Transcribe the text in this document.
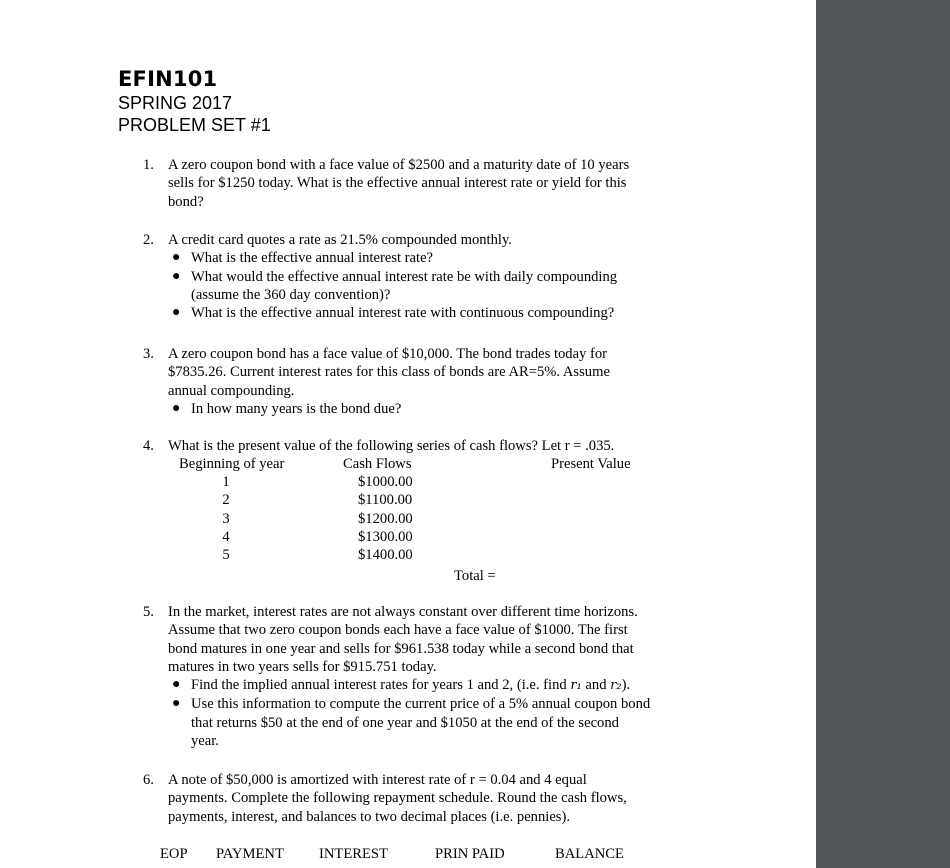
EFIN101
SPRING 2017
PROBLEM SET #1
1. A zero coupon bond with a face value of $2500 and a maturity date of 10 years
sells for $1250 today. What is the effective annual interest rate or yield for this
bond?
2. A credit card quotes a rate as 21.5% compounded monthly.
● What is the effective annual interest rate?
● What would the effective annual interest rate be with daily compounding
(assume the 360 day convention)?
● What is the effective annual interest rate with continuous compounding?
3. A zero coupon bond has a face value of $10,000. The bond trades today for
$7835.26. Current interest rates for this class of bonds are AR=5%. Assume
annual compounding.
● In how many years is the bond due?
4. What is the present value of the following series of cash flows? Let r = .035.
Beginning of year	Cash Flows	Present Value
1	$1000.00
2	$1100.00
3	$1200.00
4	$1300.00
5	$1400.00
Total =
5. In the market, interest rates are not always constant over different time horizons.
Assume that two zero coupon bonds each have a face value of $1000. The first
bond matures in one year and sells for $961.538 today while a second bond that
matures in two years sells for $915.751 today.
● Find the implied annual interest rates for years 1 and 2, (i.e. find r₁ and r₂).
● Use this information to compute the current price of a 5% annual coupon bond
that returns $50 at the end of one year and $1050 at the end of the second
year.
6. A note of $50,000 is amortized with interest rate of r = 0.04 and 4 equal
payments. Complete the following repayment schedule. Round the cash flows,
payments, interest, and balances to two decimal places (i.e. pennies).
EOP PAYMENT INTEREST	PRIN PAID	BALANCE
